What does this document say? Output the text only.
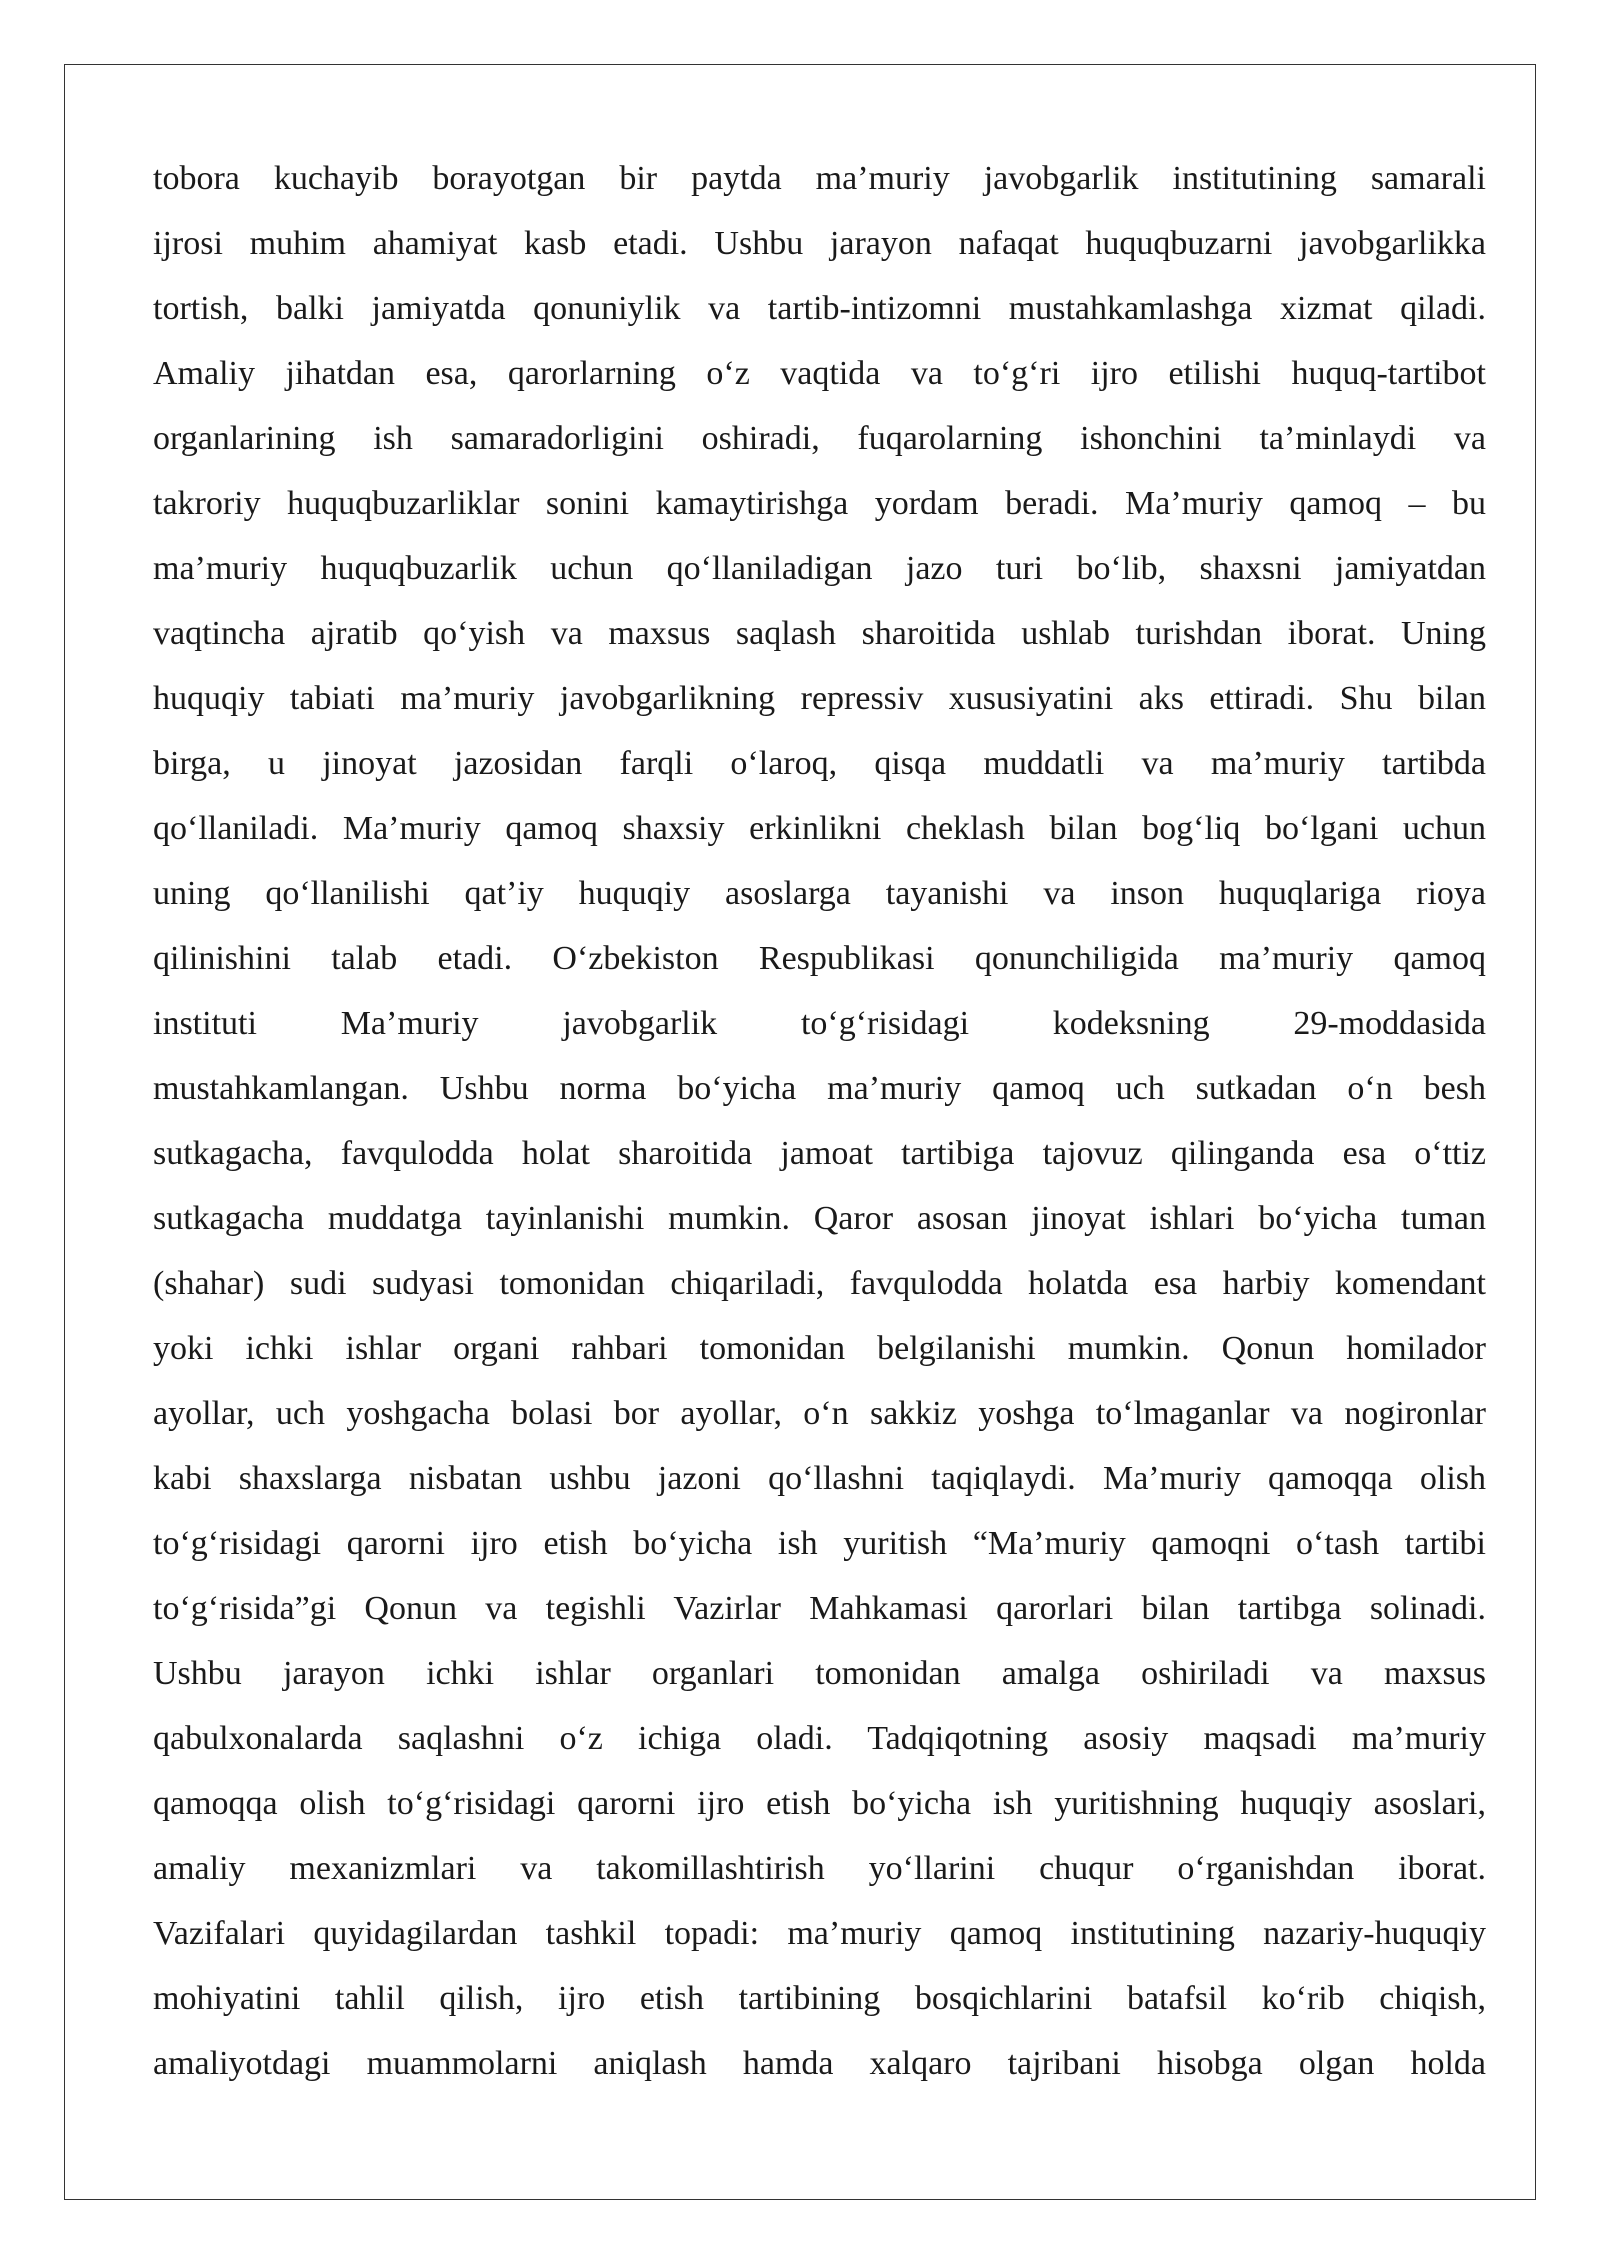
tobora kuchayib borayotgan bir paytda ma’muriy javobgarlik institutining samarali
ijrosi muhim ahamiyat kasb etadi. Ushbu jarayon nafaqat huquqbuzarni javobgarlikka
tortish, balki jamiyatda qonuniylik va tartib-intizomni mustahkamlashga xizmat qiladi.
Amaliy jihatdan esa, qarorlarning o‘z vaqtida va to‘g‘ri ijro etilishi huquq-tartibot
organlarining ish samaradorligini oshiradi, fuqarolarning ishonchini ta’minlaydi va
takroriy huquqbuzarliklar sonini kamaytirishga yordam beradi. Ma’muriy qamoq – bu
ma’muriy huquqbuzarlik uchun qo‘llaniladigan jazo turi bo‘lib, shaxsni jamiyatdan
vaqtincha ajratib qo‘yish va maxsus saqlash sharoitida ushlab turishdan iborat. Uning
huquqiy tabiati ma’muriy javobgarlikning repressiv xususiyatini aks ettiradi. Shu bilan
birga, u jinoyat jazosidan farqli o‘laroq, qisqa muddatli va ma’muriy tartibda
qo‘llaniladi. Ma’muriy qamoq shaxsiy erkinlikni cheklash bilan bog‘liq bo‘lgani uchun
uning qo‘llanilishi qat’iy huquqiy asoslarga tayanishi va inson huquqlariga rioya
qilinishini talab etadi. O‘zbekiston Respublikasi qonunchiligida ma’muriy qamoq
instituti Ma’muriy javobgarlik to‘g‘risidagi kodeksning 29-moddasida
mustahkamlangan. Ushbu norma bo‘yicha ma’muriy qamoq uch sutkadan o‘n besh
sutkagacha, favqulodda holat sharoitida jamoat tartibiga tajovuz qilinganda esa o‘ttiz
sutkagacha muddatga tayinlanishi mumkin. Qaror asosan jinoyat ishlari bo‘yicha tuman
(shahar) sudi sudyasi tomonidan chiqariladi, favqulodda holatda esa harbiy komendant
yoki ichki ishlar organi rahbari tomonidan belgilanishi mumkin. Qonun homilador
ayollar, uch yoshgacha bolasi bor ayollar, o‘n sakkiz yoshga to‘lmaganlar va nogironlar
kabi shaxslarga nisbatan ushbu jazoni qo‘llashni taqiqlaydi. Ma’muriy qamoqqa olish
to‘g‘risidagi qarorni ijro etish bo‘yicha ish yuritish “Ma’muriy qamoqni o‘tash tartibi
to‘g‘risida”gi Qonun va tegishli Vazirlar Mahkamasi qarorlari bilan tartibga solinadi.
Ushbu jarayon ichki ishlar organlari tomonidan amalga oshiriladi va maxsus
qabulxonalarda saqlashni o‘z ichiga oladi. Tadqiqotning asosiy maqsadi ma’muriy
qamoqqa olish to‘g‘risidagi qarorni ijro etish bo‘yicha ish yuritishning huquqiy asoslari,
amaliy mexanizmlari va takomillashtirish yo‘llarini chuqur o‘rganishdan iborat.
Vazifalari quyidagilardan tashkil topadi: ma’muriy qamoq institutining nazariy-huquqiy
mohiyatini tahlil qilish, ijro etish tartibining bosqichlarini batafsil ko‘rib chiqish,
amaliyotdagi muammolarni aniqlash hamda xalqaro tajribani hisobga olgan holda
